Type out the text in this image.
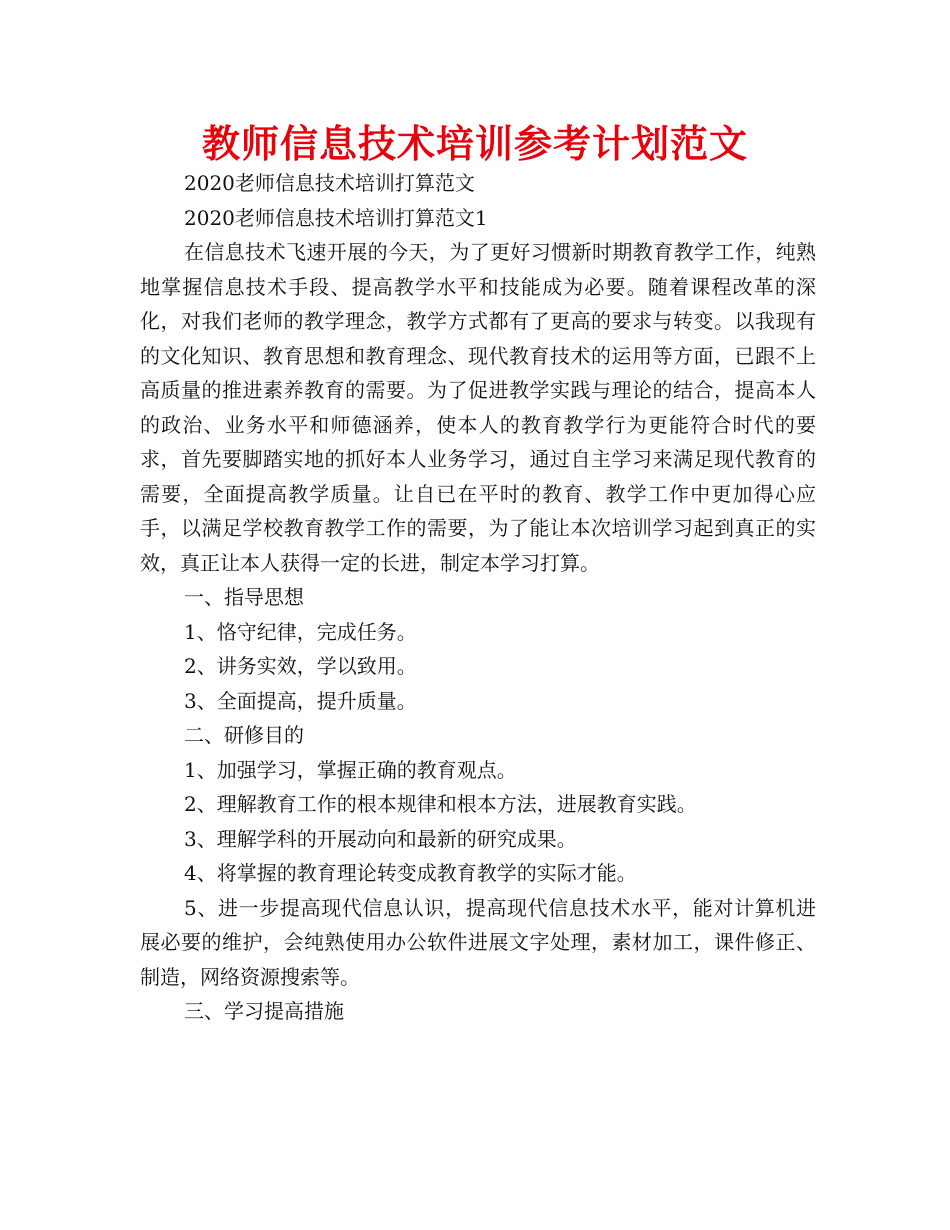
教师信息技术培训参考计划范文

2020老师信息技术培训打算范文

2020老师信息技术培训打算范文1

在信息技术飞速开展的今天，为了更好习惯新时期教育教学工作，纯熟地掌握信息技术手段、提高教学水平和技能成为必要。随着课程改革的深化，对我们老师的教学理念，教学方式都有了更高的要求与转变。以我现有的文化知识、教育思想和教育理念、现代教育技术的运用等方面，已跟不上高质量的推进素养教育的需要。为了促进教学实践与理论的结合，提高本人的政治、业务水平和师德涵养，使本人的教育教学行为更能符合时代的要求，首先要脚踏实地的抓好本人业务学习，通过自主学习来满足现代教育的需要，全面提高教学质量。让自已在平时的教育、教学工作中更加得心应手，以满足学校教育教学工作的需要，为了能让本次培训学习起到真正的实效，真正让本人获得一定的长进，制定本学习打算。

一、指导思想

1、恪守纪律，完成任务。

2、讲务实效，学以致用。

3、全面提高，提升质量。

二、研修目的

1、加强学习，掌握正确的教育观点。

2、理解教育工作的根本规律和根本方法，进展教育实践。

3、理解学科的开展动向和最新的研究成果。

4、将掌握的教育理论转变成教育教学的实际才能。

5、进一步提高现代信息认识，提高现代信息技术水平，能对计算机进展必要的维护，会纯熟使用办公软件进展文字处理，素材加工，课件修正、制造，网络资源搜索等。

三、学习提高措施
